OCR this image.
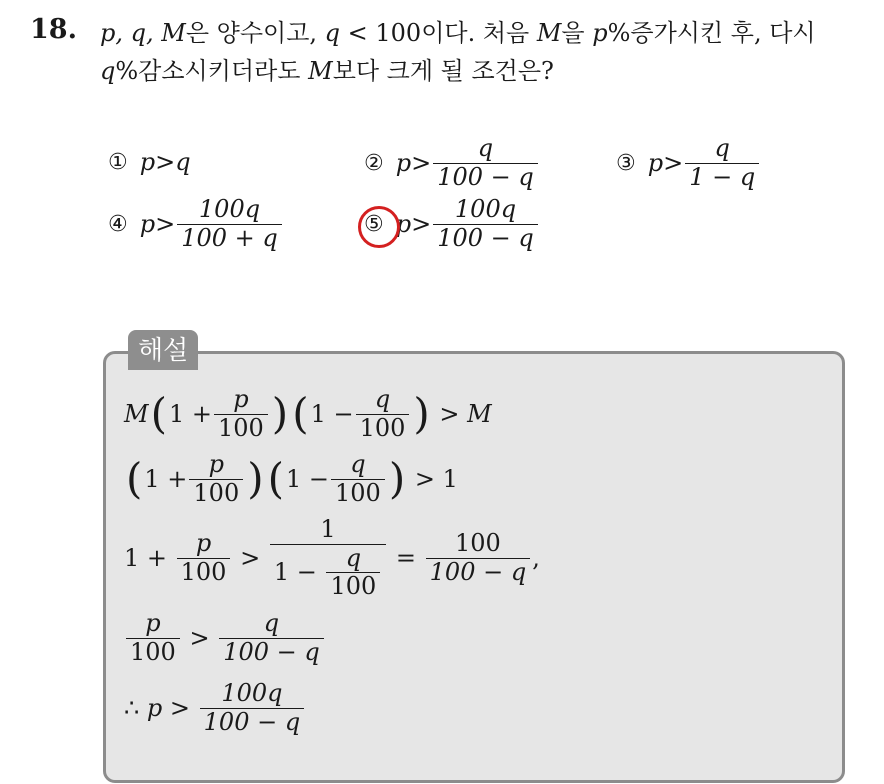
18. p, q, M은 양수이고, q < 100이다. 처음 M을 p%증가시킨 후, 다시
q%감소시키더라도 M보다 크게 될 조건은?
① p > q	② $p > \frac{q}{100 - q}$	③ $p > \frac{q}{1 - q}$
④ $p > \frac{100q}{100 + q}$	⑤ $p > \frac{100q}{100 - q}$
해설
M ( $1 + \frac{p}{100}$ ) ( $1 - \frac{q}{100}$ ) > M
( $1 + \frac{p}{100}$ ) ( $1 - \frac{q}{100}$ ) > 1
$1 + \frac{p}{100} > \frac{1}{1 - \frac{q}{100}} = \frac{100}{100 - q}$ ,
$\frac{p}{100} > \frac{q}{100 - q}$
∴ $p > \frac{100q}{100 - q}$
